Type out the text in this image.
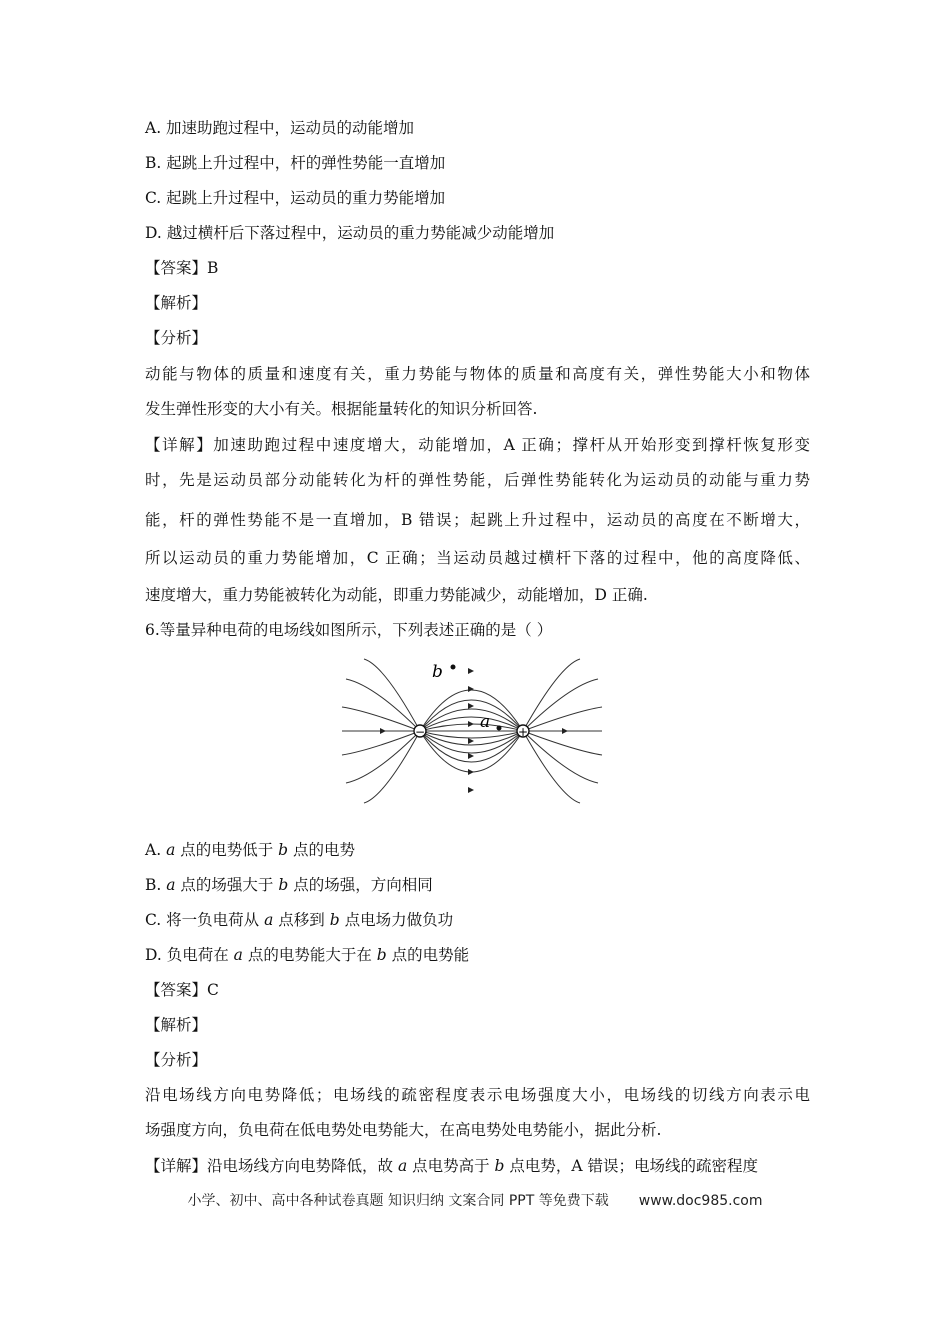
A. 加速助跑过程中，运动员的动能增加

B. 起跳上升过程中，杆的弹性势能一直增加

C. 起跳上升过程中，运动员的重力势能增加

D. 越过横杆后下落过程中，运动员的重力势能减少动能增加

【答案】B

【解析】

【分析】

动能与物体的质量和速度有关，重力势能与物体的质量和高度有关，弹性势能大小和物体

发生弹性形变的大小有关。根据能量转化的知识分析回答.

【详解】加速助跑过程中速度增大，动能增加，A 正确；撑杆从开始形变到撑杆恢复形变

时，先是运动员部分动能转化为杆的弹性势能，后弹性势能转化为运动员的动能与重力势

能，杆的弹性势能不是一直增加，B 错误；起跳上升过程中，运动员的高度在不断增大，

所以运动员的重力势能增加，C 正确；当运动员越过横杆下落的过程中，他的高度降低、

速度增大，重力势能被转化为动能，即重力势能减少，动能增加，D 正确.

6.等量异种电荷的电场线如图所示，下列表述正确的是（ ）

−	+
a
b

A. a 点的电势低于 b 点的电势

B. a 点的场强大于 b 点的场强，方向相同

C. 将一负电荷从 a 点移到 b 点电场力做负功

D. 负电荷在 a 点的电势能大于在 b 点的电势能

【答案】C

【解析】

【分析】

沿电场线方向电势降低；电场线的疏密程度表示电场强度大小，电场线的切线方向表示电

场强度方向，负电荷在低电势处电势能大，在高电势处电势能小，据此分析.

【详解】沿电场线方向电势降低，故 a 点电势高于 b 点电势，A 错误；电场线的疏密程度

小学、初中、高中各种试卷真题 知识归纳 文案合同 PPT 等免费下载 www.doc985.com
